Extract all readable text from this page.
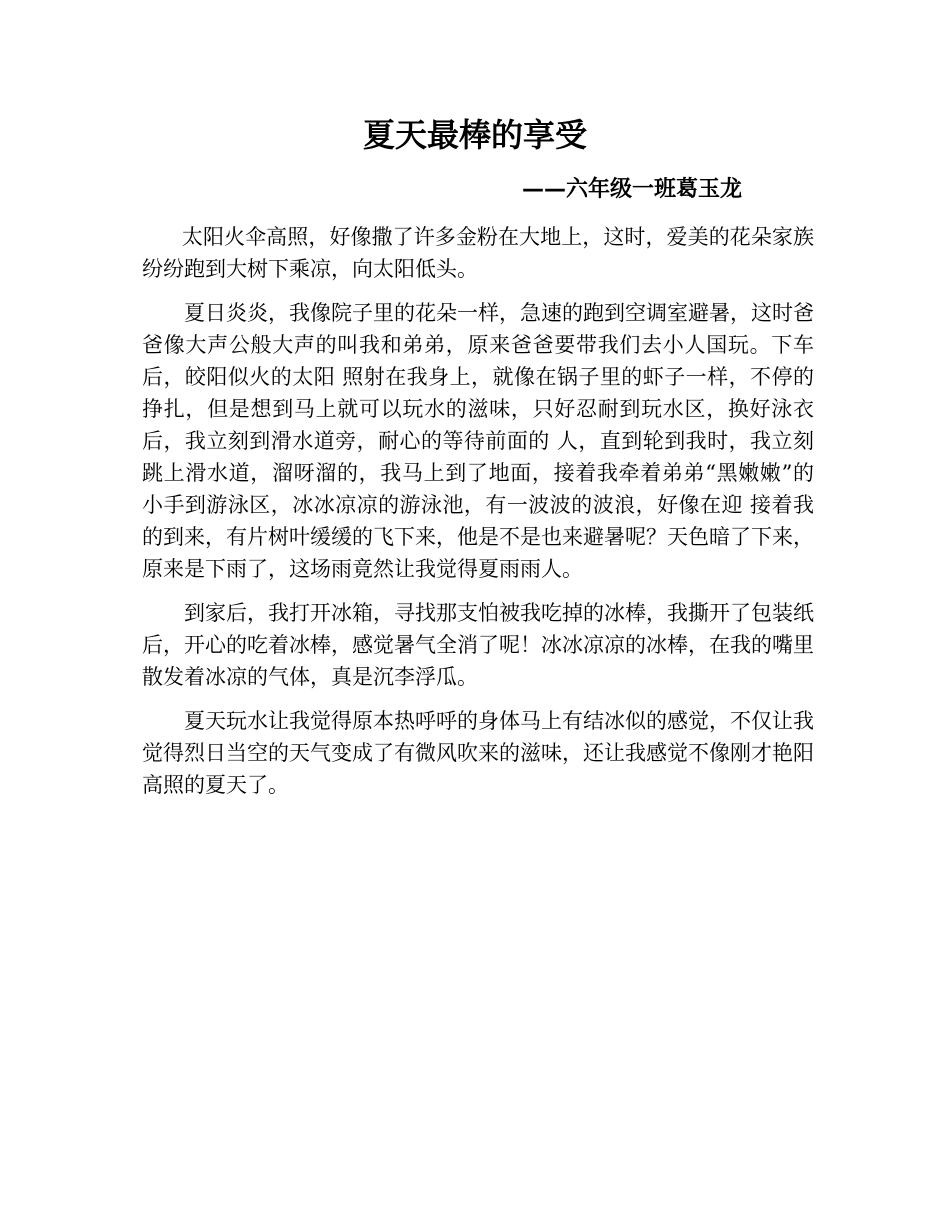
夏天最棒的享受
——六年级一班葛玉龙

太阳火伞高照，好像撒了许多金粉在大地上，这时，爱美的花朵家族纷纷跑到大树下乘凉，向太阳低头。

夏日炎炎，我像院子里的花朵一样，急速的跑到空调室避暑，这时爸爸像大声公般大声的叫我和弟弟，原来爸爸要带我们去小人国玩。下车后，皎阳似火的太阳 照射在我身上，就像在锅子里的虾子一样，不停的挣扎，但是想到马上就可以玩水的滋味，只好忍耐到玩水区，换好泳衣后，我立刻到滑水道旁，耐心的等待前面的 人，直到轮到我时，我立刻跳上滑水道，溜呀溜的，我马上到了地面，接着我牵着弟弟“黑嫩嫩”的小手到游泳区，冰冰凉凉的游泳池，有一波波的波浪，好像在迎 接着我的到来，有片树叶缓缓的飞下来，他是不是也来避暑呢？天色暗了下来，原来是下雨了，这场雨竟然让我觉得夏雨雨人。

到家后，我打开冰箱，寻找那支怕被我吃掉的冰棒，我撕开了包装纸后，开心的吃着冰棒，感觉暑气全消了呢！冰冰凉凉的冰棒，在我的嘴里散发着冰凉的气体，真是沉李浮瓜。

夏天玩水让我觉得原本热呼呼的身体马上有结冰似的感觉，不仅让我觉得烈日当空的天气变成了有微风吹来的滋味，还让我感觉不像刚才艳阳高照的夏天了。
